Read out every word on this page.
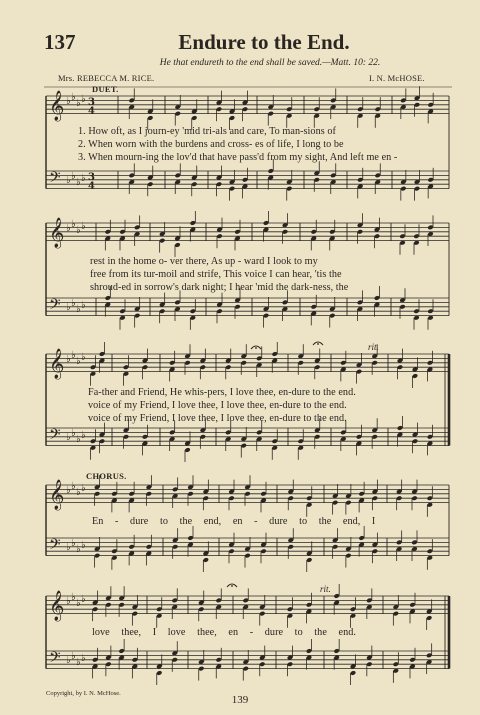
137	Endure to the End.
He that endureth to the end shall be saved.—Matt. 10: 22.
Mrs. REBECCA M. RICE.	I. N. McHOSE.
DUET.
1. How oft, as I journ-ey 'mid tri-als and care, To man-sions of
2. When worn with the burdens and cross- es of life, I long to be
3. When mourn-ing the lov'd that have pass'd from my sight, And left me en -
rest in the home o- ver there, As up - ward I look to my
free from its tur-moil and strife, This voice I can hear, 'tis the
shroud-ed in sorrow's dark night; I hear 'mid the dark-ness, the
rit.
Fa-ther and Friend, He whis-pers, I love thee, en-dure to the end.
voice of my Friend, I love thee, I love thee, en-dure to the end.
voice of my Friend, I love thee, I love thee, en-dure to the end.
CHORUS.
En - dure to the end, en - dure to the end, I
rit.
love thee, I love thee, en - dure to the end.
Copyright, by I. N. McHose.
139
𝄞 ♭ ♭
♭ ♭ 3
4
𝄢 ♭ ♭
♭ ♭ 3
4
𝄞 ♭ ♭
♭ ♭
𝄢 ♭ ♭
♭ ♭
𝄞 ♭ ♭
♭ ♭
𝄢 ♭ ♭
♭ ♭
𝄞 ♭ ♭
♭ ♭
𝄢 ♭ ♭
♭ ♭
𝄞 ♭ ♭
♭ ♭
𝄢 ♭ ♭
♭ ♭
